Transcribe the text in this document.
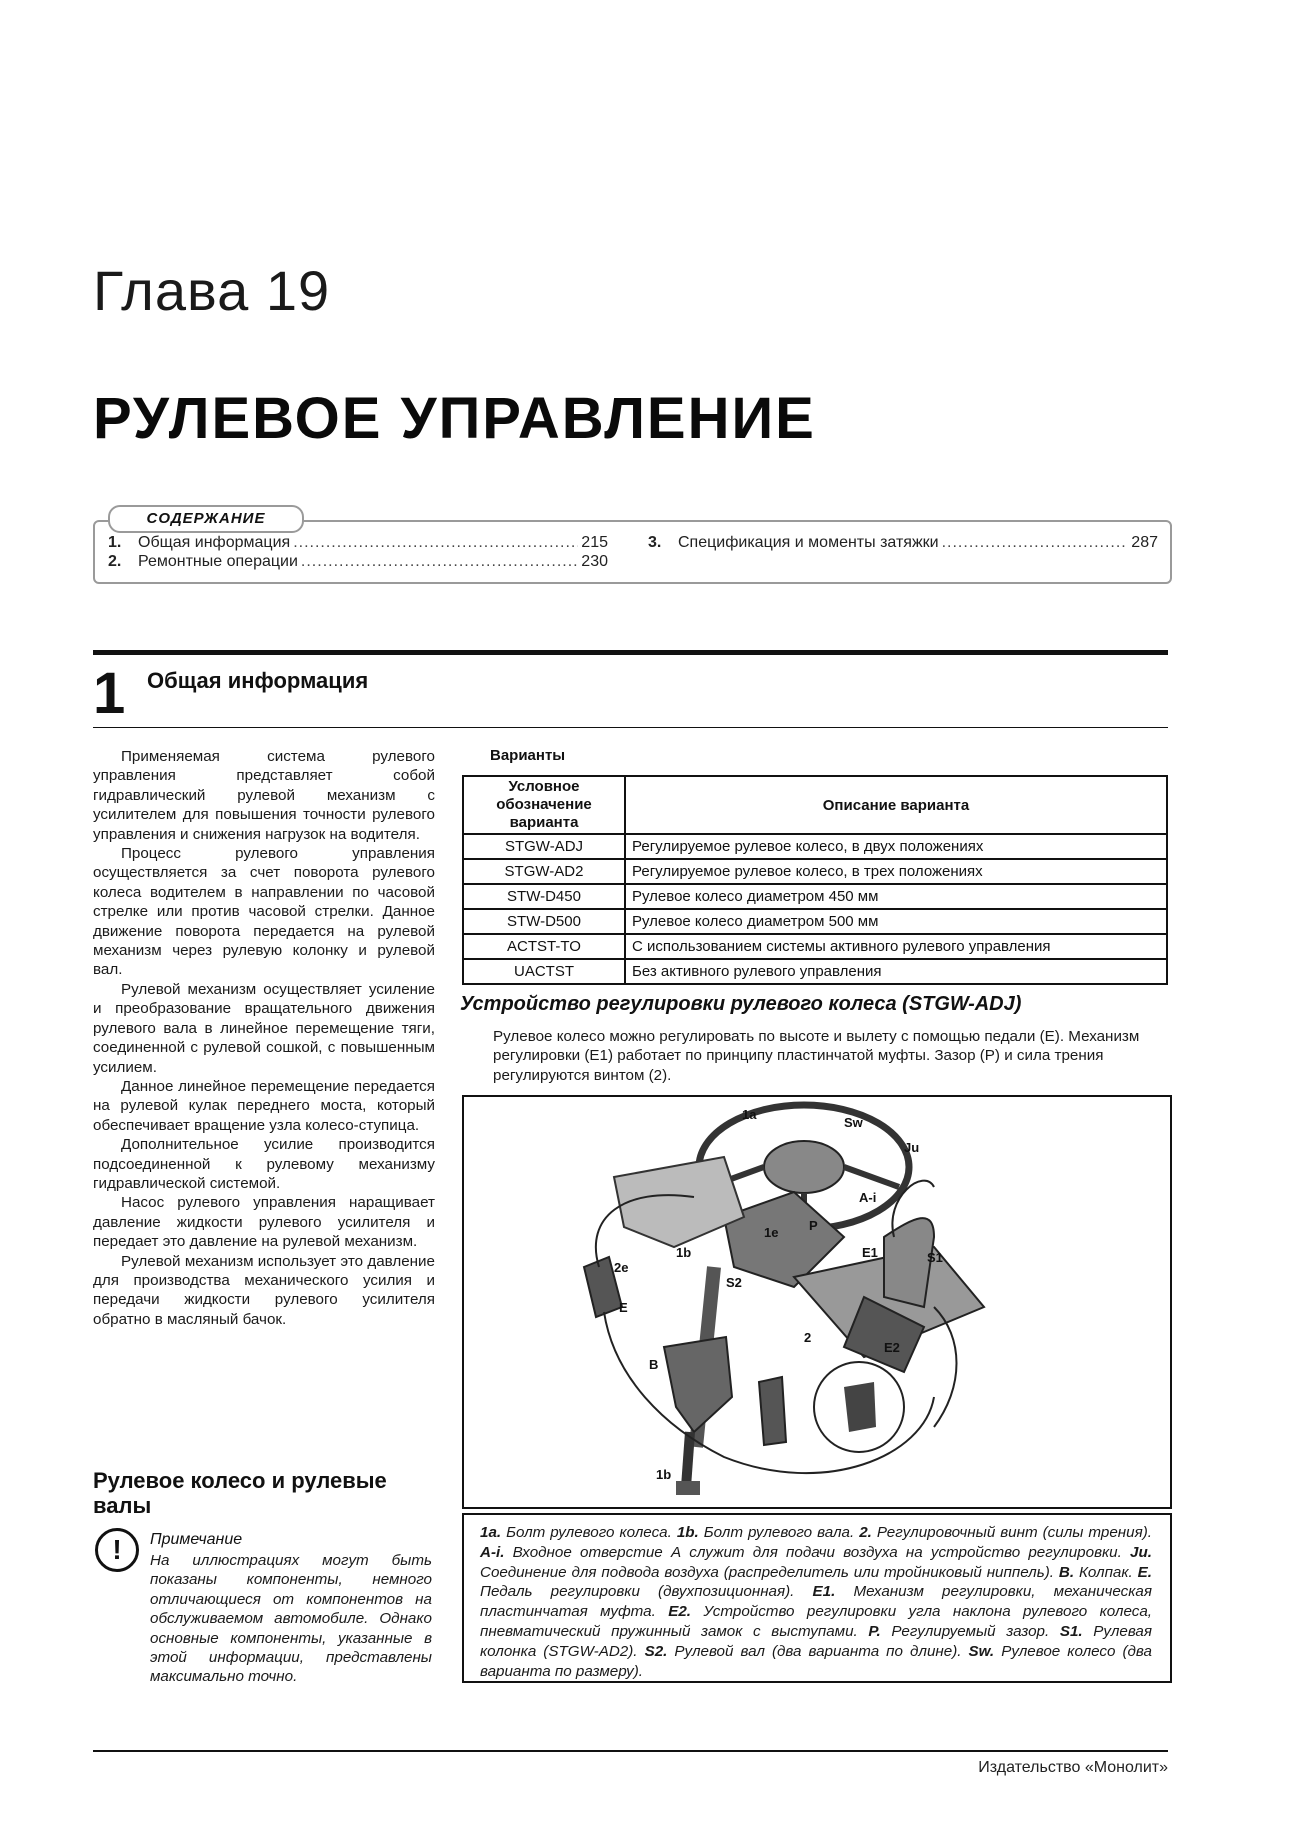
Глава 19
РУЛЕВОЕ УПРАВЛЕНИЕ
СОДЕРЖАНИЕ
1.	Общая информация .....	215
2.	Ремонтные операции .....	230
3.	Спецификация и моменты затяжки .....	287
1 Общая информация

Применяемая система рулевого управления представляет собой гидравлический рулевой механизм с усилителем для повышения точности рулевого управления и снижения нагрузок на водителя.

Процесс рулевого управления осуществляется за счет поворота рулевого колеса водителем в направлении по часовой стрелке или против часовой стрелки. Данное движение поворота передается на рулевой механизм через рулевую колонку и рулевой вал.

Рулевой механизм осуществляет усиление и преобразование вращательного движения рулевого вала в линейное перемещение тяги, соединенной с рулевой сошкой, с повышенным усилием.

Данное линейное перемещение передается на рулевой кулак переднего моста, который обеспечивает вращение узла колесо-ступица.

Дополнительное усилие производится подсоединенной к рулевому механизму гидравлической системой.

Насос рулевого управления наращивает давление жидкости рулевого усилителя и передает это давление на рулевой механизм.

Рулевой механизм использует это давление для производства механического усилия и передачи жидкости рулевого усилителя обратно в масляный бачок.

Рулевое колесо и рулевые валы
!	Примечание
На иллюстрациях могут быть показаны компоненты, немного отличающиеся от компонентов на обслуживаемом автомобиле. Однако основные компоненты, указанные в этой информации, представлены максимально точно.
Варианты
Условное обозначение варианта	Описание варианта
STGW-ADJ	Регулируемое рулевое колесо, в двух положениях
STGW-AD2	Регулируемое рулевое колесо, в трех положениях
STW-D450	Рулевое колесо диаметром 450 мм
STW-D500	Рулевое колесо диаметром 500 мм
ACTST-TO	С использованием системы активного рулевого управления
UACTST	Без активного рулевого управления
Устройство регулировки рулевого колеса (STGW-ADJ)
Рулевое колесо можно регулировать по высоте и вылету с помощью педали (E). Механизм регулировки (E1) работает по принципу пластинчатой муфты. Зазор (P) и сила трения регулируются винтом (2).
1a
Sw
Ju
A-i
2e
E
P
1e
1b
S2
E1	S1
2
E2
B
1b
1a. Болт рулевого колеса. 1b. Болт рулевого вала. 2. Регулировочный винт (силы трения). A-i. Входное отверстие А служит для подачи воздуха на устройство регулировки. Ju. Соединение для подвода воздуха (распределитель или тройниковый ниппель). B. Колпак. E. Педаль регулировки (двухпозиционная). E1. Механизм регулировки, механическая пластинчатая муфта. E2. Устройство регулировки угла наклона рулевого колеса, пневматический пружинный замок с выступами. P. Регулируемый зазор. S1. Рулевая колонка (STGW-AD2). S2. Рулевой вал (два варианта по длине). Sw. Рулевое колесо (два варианта по размеру).
Издательство «Монолит»
